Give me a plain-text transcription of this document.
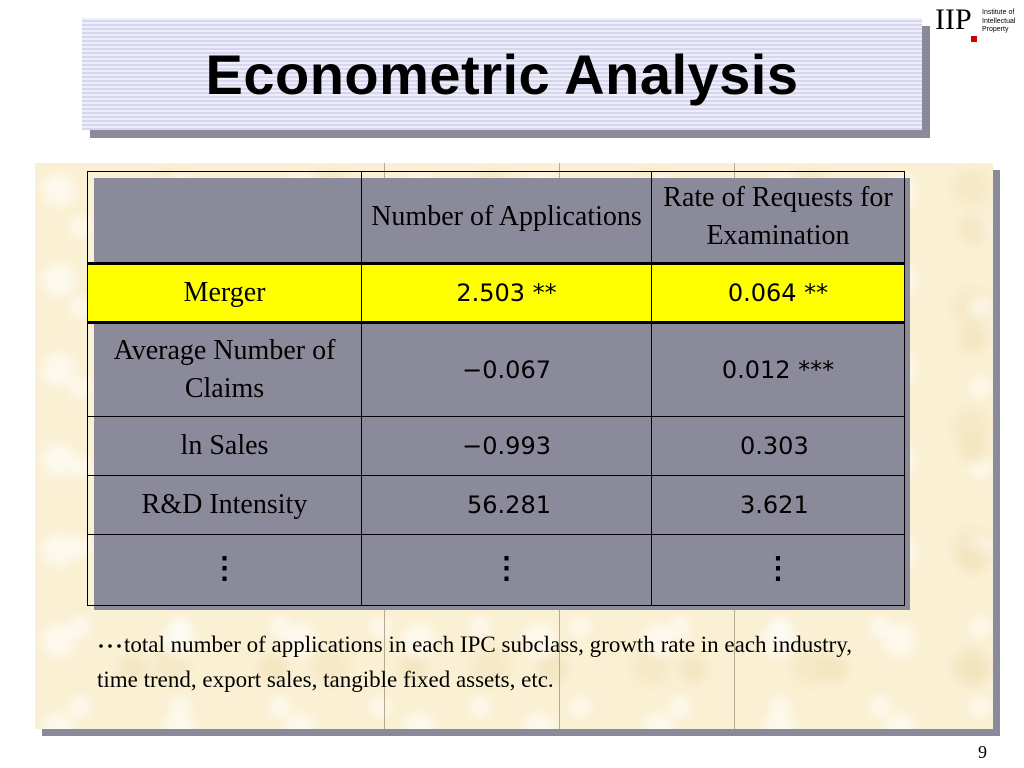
Econometric Analysis
IIP Institute of
Intellectual
Property
	Number of Applications	Rate of Requests for Examination
Merger	2.503 **	0.064 **
Average Number of Claims	−0.067	0.012 ***
ln Sales	−0.993	0.303
R&D Intensity	56.281	3.621
⋮	⋮	⋮
･･･total number of applications in each IPC subclass, growth rate in each industry, time trend, export sales, tangible fixed assets, etc.
9
